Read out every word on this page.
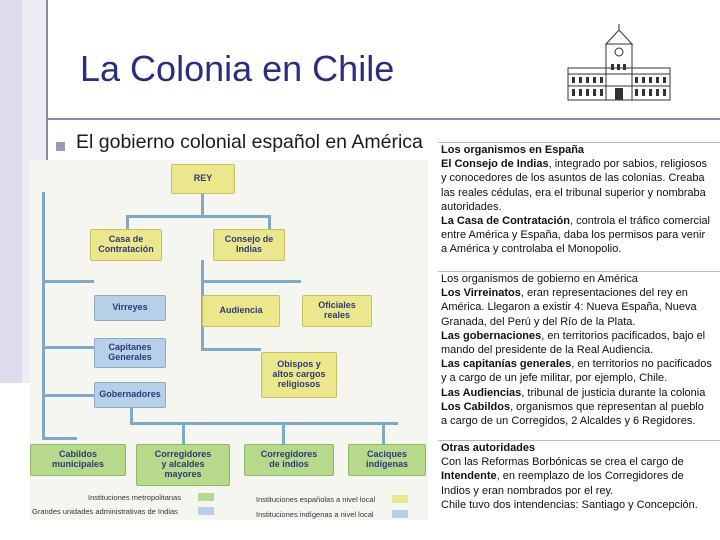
La Colonia en Chile
El gobierno colonial español en América
REY
Casa de
Contratación
Consejo de
Indias
Virreyes	Audiencia	Oficiales
reales
Capitanes
Generales
Obispos y
altos cargos
religiosos
Gobernadores
Cabildos
municipales
Corregidores
y alcaldes
mayores
Corregidores
de indios
Caciques
indígenas
Instituciones metropolitanas
Grandes unidades administrativas de Indias
Instituciones españolas a nivel local
Instituciones indígenas a nivel local

Los organismos en España

El Consejo de Indias, integrado por sabios, religiosos

y conocedores de los asuntos de las colonias. Creaba

las reales cédulas, era el tribunal superior y nombraba

autoridades.

La Casa de Contratación, controla el tráfico comercial

entre América y España, daba los permisos para venir

a América y controlaba el Monopolio.

Los organismos de gobierno en América

Los Virreinatos, eran representaciones del rey en

América. Llegaron a existir 4: Nueva España, Nueva

Granada, del Perú y del Río de la Plata.

Las gobernaciones, en territorios pacificados, bajo el

mando del presidente de la Real Audiencia.

Las capitanías generales, en territorios no pacificados

y a cargo de un jefe militar, por ejemplo, Chile.

Las Audiencias, tribunal de justicia durante la colonia

Los Cabildos, organismos que representan al pueblo

a cargo de un Corregidos, 2 Alcaldes y 6 Regidores.

Otras autoridades

Con las Reformas Borbónicas se crea el cargo de

Intendente, en reemplazo de los Corregidores de

Indios y eran nombrados por el rey.

Chile tuvo dos intendencias: Santiago y Concepción.
